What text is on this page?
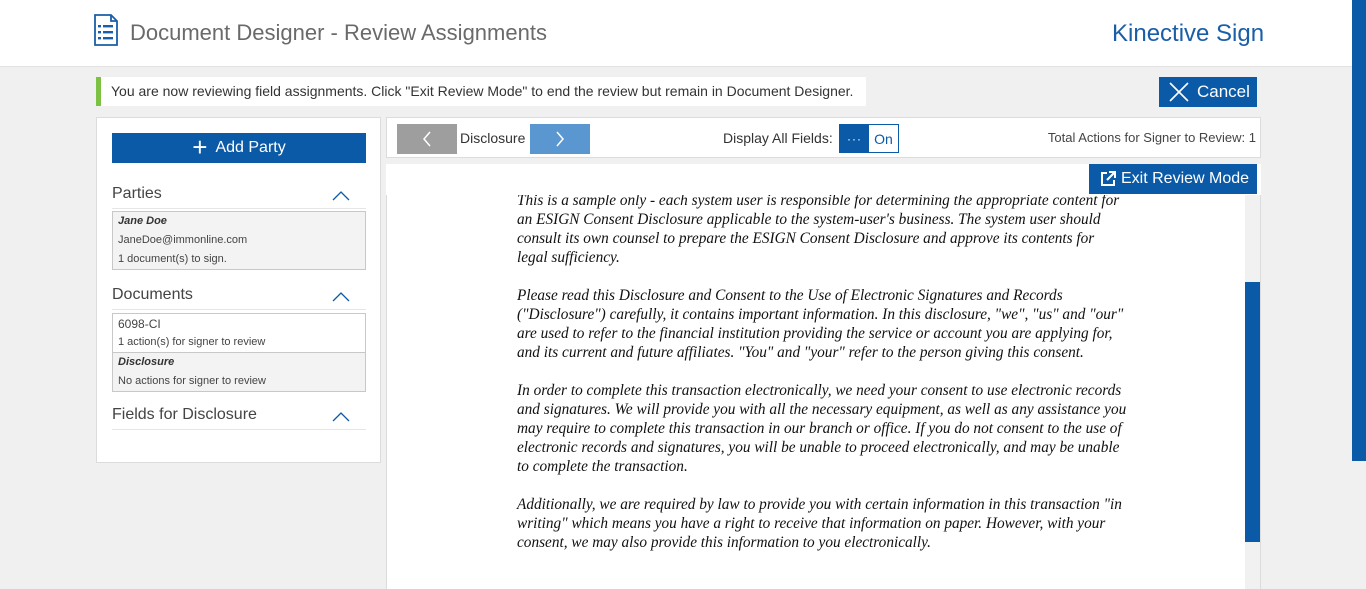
Document Designer - Review Assignments	Kinective Sign
You are now reviewing field assignments. Click "Exit Review Mode" to end the review but remain in Document Designer.	Cancel
+ Add Party
Parties
Jane Doe
JaneDoe@immonline.com
1 document(s) to sign.
Documents
6098-CI
1 action(s) for signer to review
Disclosure
No actions for signer to review
Fields for Disclosure
Disclosure	Display All Fields:	··· On	Total Actions for Signer to Review: 1
Exit Review Mode

This is a sample only - each system user is responsible for determining the appropriate content for an ESIGN Consent Disclosure applicable to the system-user's business. The system user should consult its own counsel to prepare the ESIGN Consent Disclosure and approve its contents for legal sufficiency.

Please read this Disclosure and Consent to the Use of Electronic Signatures and Records ("Disclosure") carefully, it contains important information. In this disclosure, "we", "us" and "our" are used to refer to the financial institution providing the service or account you are applying for, and its current and future affiliates. "You" and "your" refer to the person giving this consent.

In order to complete this transaction electronically, we need your consent to use electronic records and signatures. We will provide you with all the necessary equipment, as well as any assistance you may require to complete this transaction in our branch or office. If you do not consent to the use of electronic records and signatures, you will be unable to proceed electronically, and may be unable to complete the transaction.

Additionally, we are required by law to provide you with certain information in this transaction "in writing" which means you have a right to receive that information on paper. However, with your consent, we may also provide this information to you electronically.
